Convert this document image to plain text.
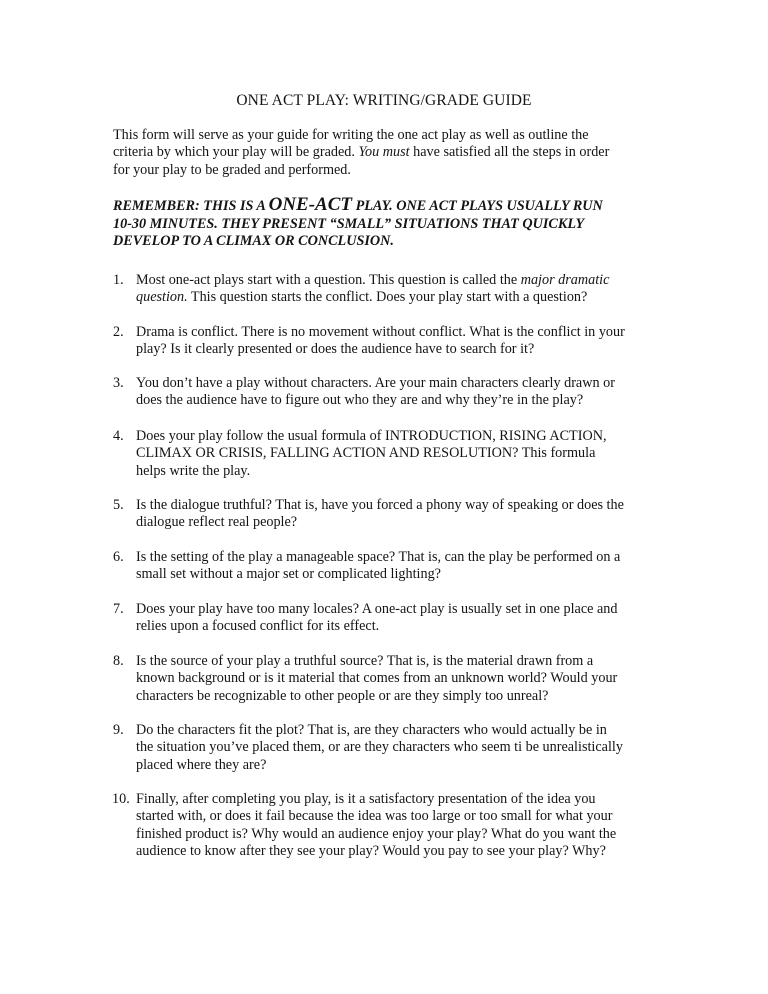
ONE ACT PLAY: WRITING/GRADE GUIDE

This form will serve as your guide for writing the one act play as well as outline the

criteria by which your play will be graded. You must have satisfied all the steps in order

for your play to be graded and performed.

REMEMBER: THIS IS A ONE-ACT PLAY. ONE ACT PLAYS USUALLY RUN
10-30 MINUTES. THEY PRESENT “SMALL” SITUATIONS THAT QUICKLY
DEVELOP TO A CLIMAX OR CONCLUSION.
1. Most one-act plays start with a question. This question is called the major dramatic
question. This question starts the conflict. Does your play start with a question?
2. Drama is conflict. There is no movement without conflict. What is the conflict in your
play? Is it clearly presented or does the audience have to search for it?
3. You don’t have a play without characters. Are your main characters clearly drawn or
does the audience have to figure out who they are and why they’re in the play?
4. Does your play follow the usual formula of INTRODUCTION, RISING ACTION,
CLIMAX OR CRISIS, FALLING ACTION AND RESOLUTION? This formula
helps write the play.
5. Is the dialogue truthful? That is, have you forced a phony way of speaking or does the
dialogue reflect real people?
6. Is the setting of the play a manageable space? That is, can the play be performed on a
small set without a major set or complicated lighting?
7. Does your play have too many locales? A one-act play is usually set in one place and
relies upon a focused conflict for its effect.
8. Is the source of your play a truthful source? That is, is the material drawn from a
known background or is it material that comes from an unknown world? Would your
characters be recognizable to other people or are they simply too unreal?
9. Do the characters fit the plot? That is, are they characters who would actually be in
the situation you’ve placed them, or are they characters who seem ti be unrealistically
placed where they are?
10. Finally, after completing you play, is it a satisfactory presentation of the idea you
started with, or does it fail because the idea was too large or too small for what your
finished product is? Why would an audience enjoy your play? What do you want the
audience to know after they see your play? Would you pay to see your play? Why?
